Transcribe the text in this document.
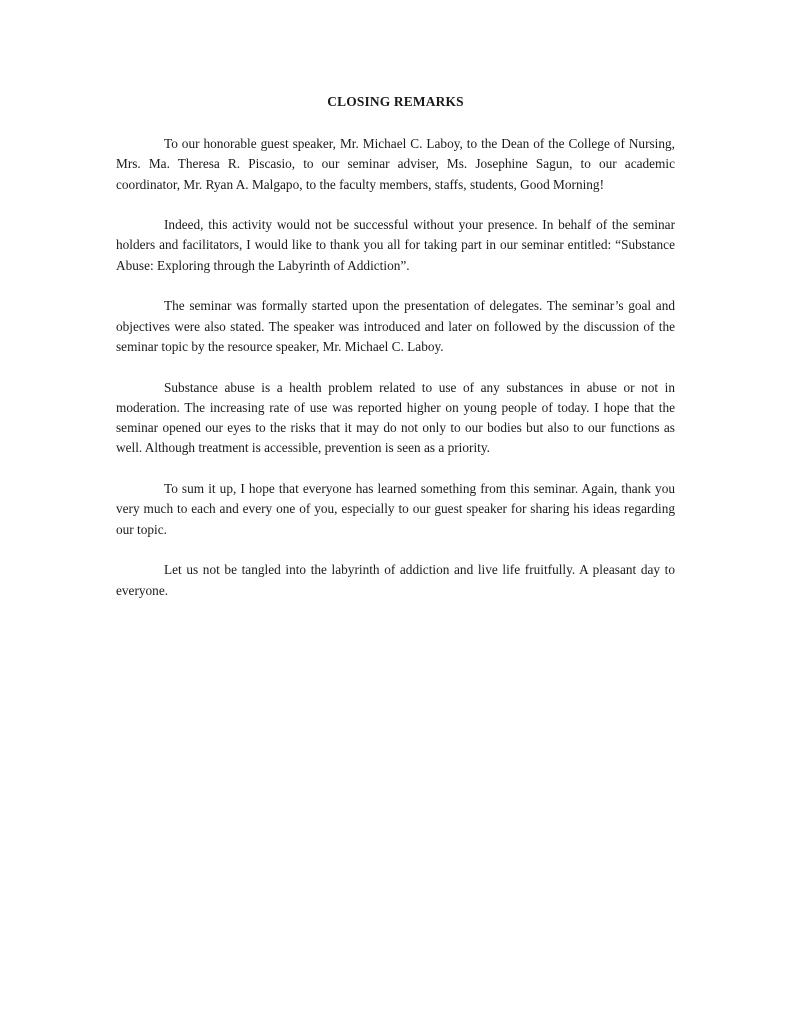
CLOSING REMARKS

To our honorable guest speaker, Mr. Michael C. Laboy, to the Dean of the College of Nursing, Mrs. Ma. Theresa R. Piscasio, to our seminar adviser, Ms. Josephine Sagun, to our academic coordinator, Mr. Ryan A. Malgapo, to the faculty members, staffs, students, Good Morning!

Indeed, this activity would not be successful without your presence. In behalf of the seminar holders and facilitators, I would like to thank you all for taking part in our seminar entitled: “Substance Abuse: Exploring through the Labyrinth of Addiction”.

The seminar was formally started upon the presentation of delegates. The seminar’s goal and objectives were also stated. The speaker was introduced and later on followed by the discussion of the seminar topic by the resource speaker, Mr. Michael C. Laboy.

Substance abuse is a health problem related to use of any substances in abuse or not in moderation. The increasing rate of use was reported higher on young people of today. I hope that the seminar opened our eyes to the risks that it may do not only to our bodies but also to our functions as well. Although treatment is accessible, prevention is seen as a priority.

To sum it up, I hope that everyone has learned something from this seminar. Again, thank you very much to each and every one of you, especially to our guest speaker for sharing his ideas regarding our topic.

Let us not be tangled into the labyrinth of addiction and live life fruitfully. A pleasant day to everyone.
